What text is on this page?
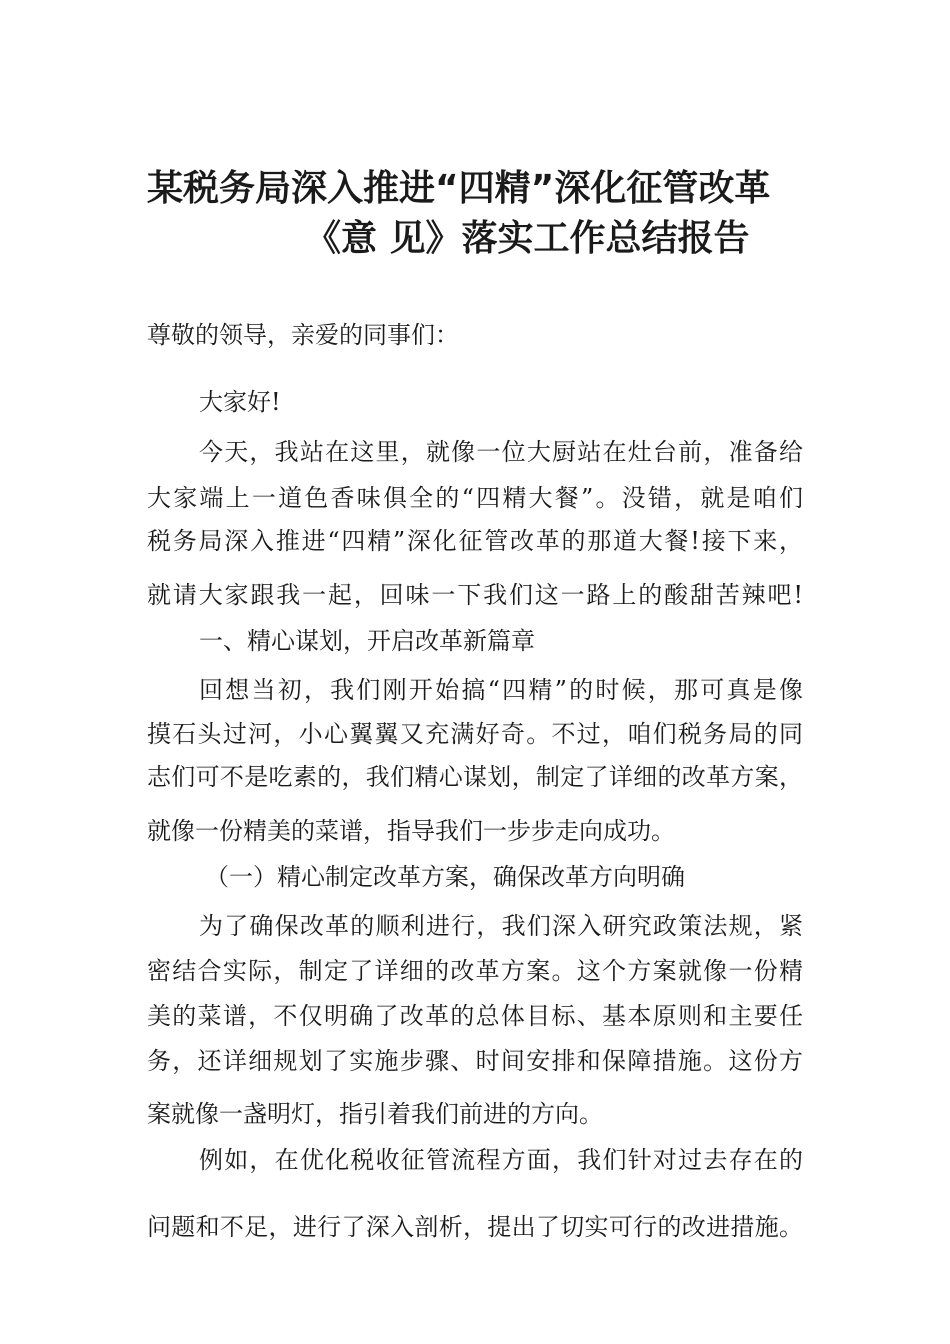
某税务局深入推进“四精”深化征管改革
《意 见》落实工作总结报告
尊敬的领导，亲爱的同事们：
大家好!
今天，我站在这里，就像一位大厨站在灶台前，准备给
大家端上一道色香味俱全的“四精大餐”。没错，就是咱们
税务局深入推进“四精”深化征管改革的那道大餐!接下来，
就请大家跟我一起，回味一下我们这一路上的酸甜苦辣吧!
一、精心谋划，开启改革新篇章
回想当初，我们刚开始搞“四精”的时候，那可真是像
摸石头过河，小心翼翼又充满好奇。不过，咱们税务局的同
志们可不是吃素的，我们精心谋划，制定了详细的改革方案，
就像一份精美的菜谱，指导我们一步步走向成功。
（一）精心制定改革方案，确保改革方向明确
为了确保改革的顺利进行，我们深入研究政策法规，紧
密结合实际，制定了详细的改革方案。这个方案就像一份精
美的菜谱，不仅明确了改革的总体目标、基本原则和主要任
务，还详细规划了实施步骤、时间安排和保障措施。这份方
案就像一盏明灯，指引着我们前进的方向。
例如，在优化税收征管流程方面，我们针对过去存在的
问题和不足，进行了深入剖析，提出了切实可行的改进措施。
